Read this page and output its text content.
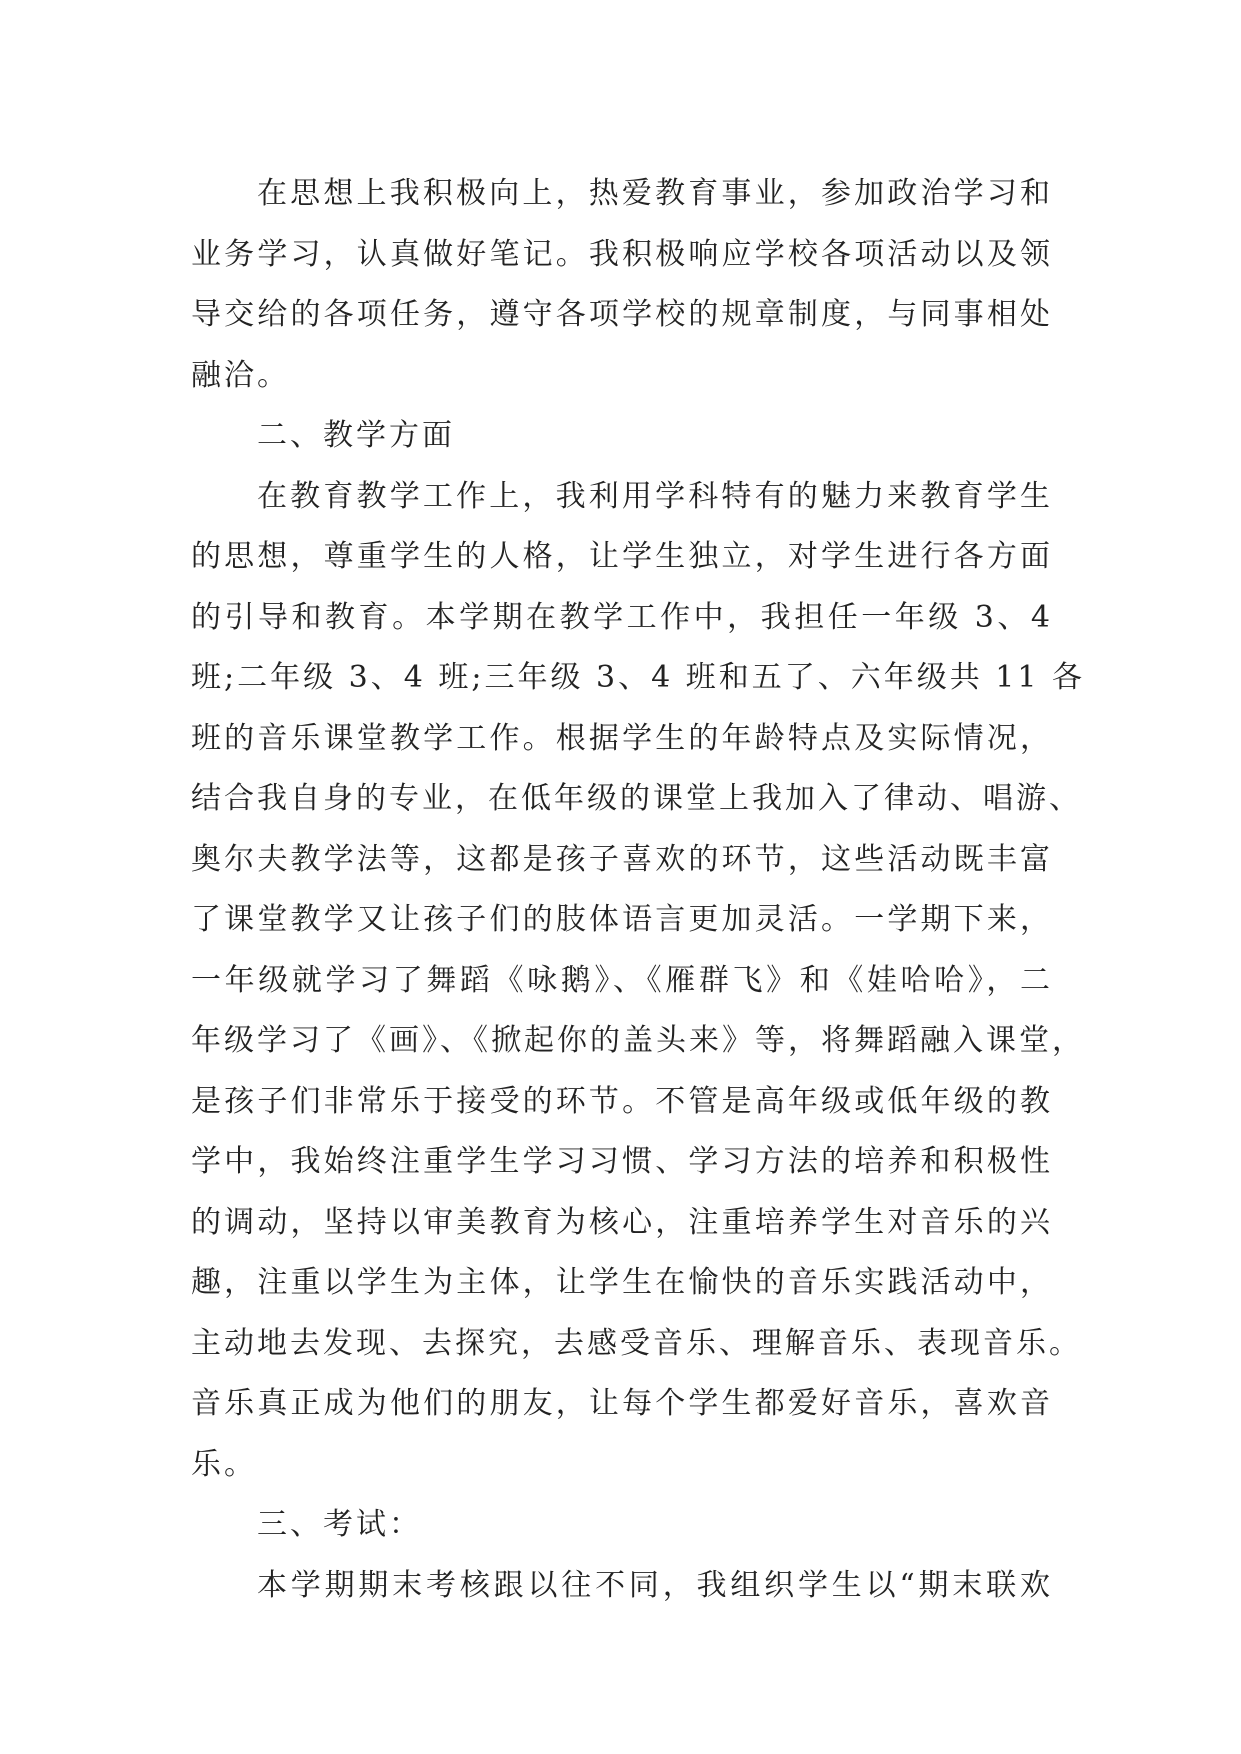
在思想上我积极向上，热爱教育事业，参加政治学习和
业务学习，认真做好笔记。我积极响应学校各项活动以及领
导交给的各项任务，遵守各项学校的规章制度，与同事相处
融洽。
二、教学方面
在教育教学工作上，我利用学科特有的魅力来教育学生
的思想，尊重学生的人格，让学生独立，对学生进行各方面
的引导和教育。本学期在教学工作中，我担任一年级 3、4
班;二年级 3、4 班;三年级 3、4 班和五了、六年级共 11 各
班的音乐课堂教学工作。根据学生的年龄特点及实际情况，
结合我自身的专业，在低年级的课堂上我加入了律动、唱游、
奥尔夫教学法等，这都是孩子喜欢的环节，这些活动既丰富
了课堂教学又让孩子们的肢体语言更加灵活。一学期下来，
一年级就学习了舞蹈《咏鹅》、《雁群飞》和《娃哈哈》，二
年级学习了《画》、《掀起你的盖头来》等，将舞蹈融入课堂，
是孩子们非常乐于接受的环节。不管是高年级或低年级的教
学中，我始终注重学生学习习惯、学习方法的培养和积极性
的调动，坚持以审美教育为核心，注重培养学生对音乐的兴
趣，注重以学生为主体，让学生在愉快的音乐实践活动中，
主动地去发现、去探究，去感受音乐、理解音乐、表现音乐。
音乐真正成为他们的朋友，让每个学生都爱好音乐，喜欢音
乐。
三、考试：
本学期期末考核跟以往不同，我组织学生以“期末联欢
